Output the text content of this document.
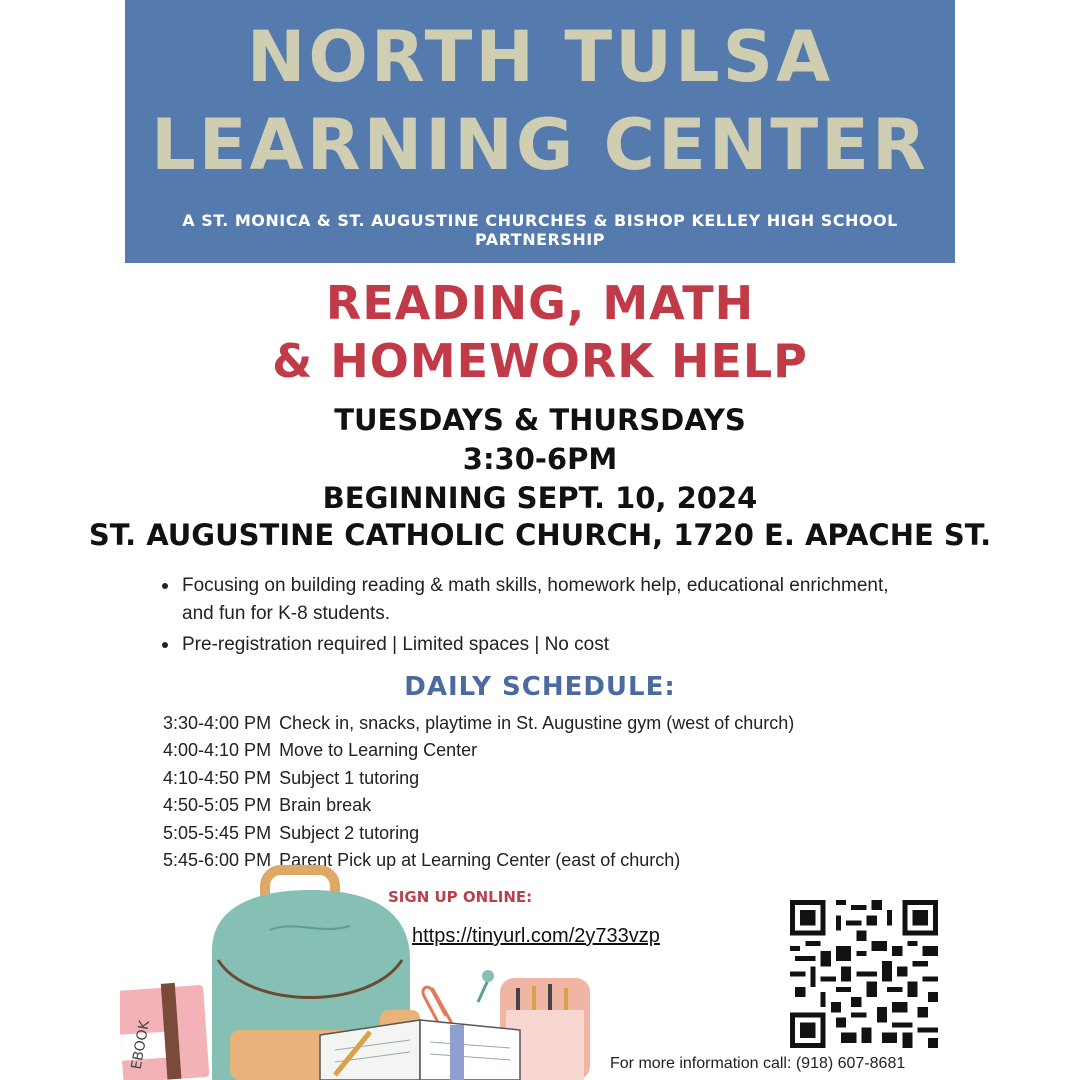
NORTH TULSA
LEARNING CENTER
A ST. MONICA & ST. AUGUSTINE CHURCHES & BISHOP KELLEY HIGH SCHOOL PARTNERSHIP
READING, MATH
& HOMEWORK HELP
TUESDAYS & THURSDAYS
3:30-6PM
BEGINNING SEPT. 10, 2024
ST. AUGUSTINE CATHOLIC CHURCH, 1720 E. APACHE ST.
Focusing on building reading & math skills, homework help, educational enrichment, and fun for K-8 students.
Pre-registration required | Limited spaces | No cost
DAILY SCHEDULE:
3:30-4:00 PM Check in, snacks, playtime in St. Augustine gym (west of church)
4:00-4:10 PM Move to Learning Center
4:10-4:50 PM Subject 1 tutoring
4:50-5:05 PM Brain break
5:05-5:45 PM Subject 2 tutoring
5:45-6:00 PM Parent Pick up at Learning Center (east of church)
SIGN UP ONLINE:
https://tinyurl.com/2y733vzp
EBOOK	For more information call: (918) 607-8681
